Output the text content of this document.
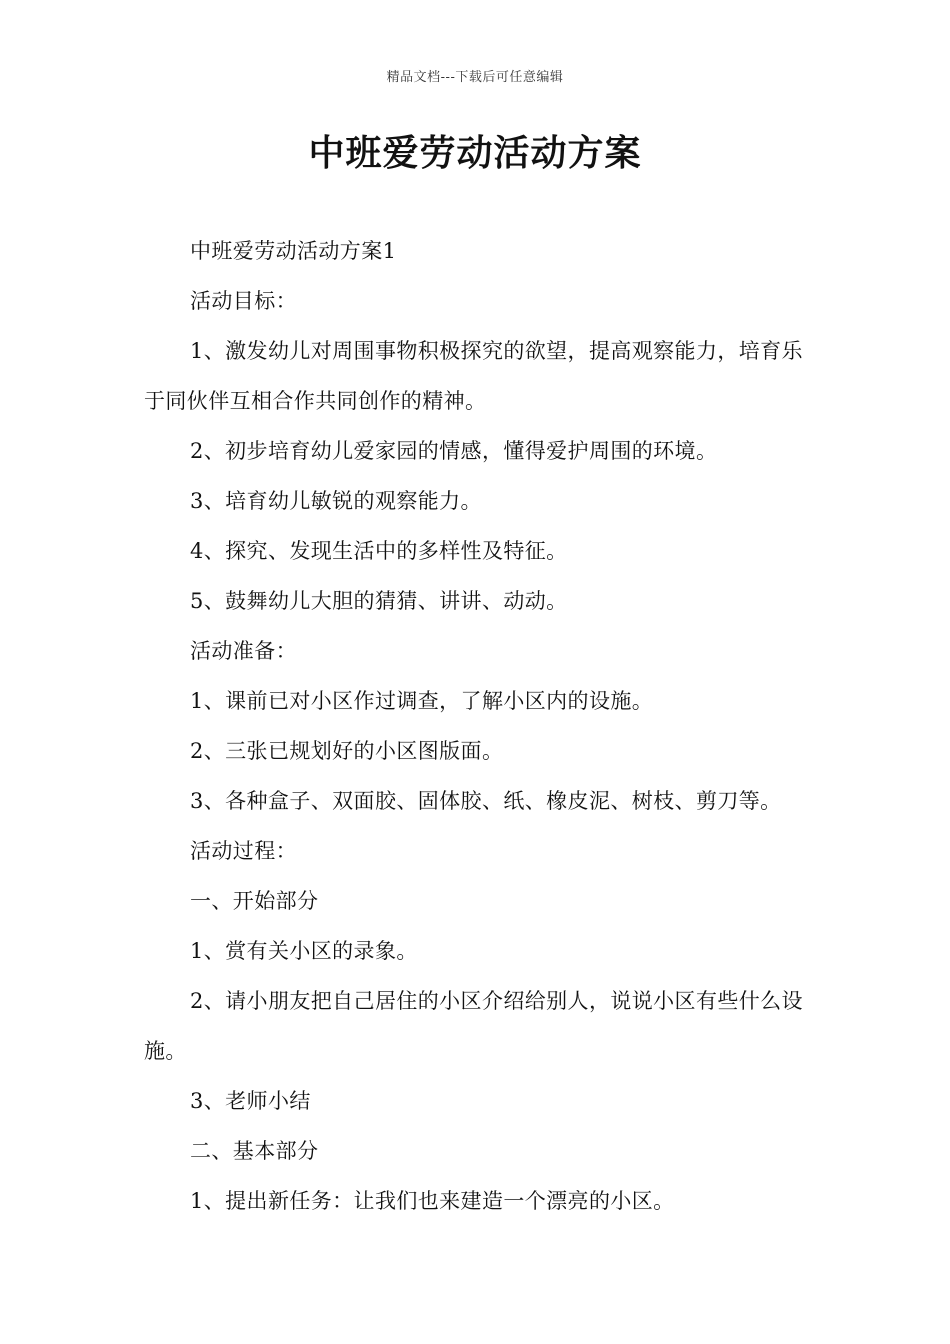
精品文档---下载后可任意编辑
中班爱劳动活动方案

中班爱劳动活动方案1

活动目标：

1、激发幼儿对周围事物积极探究的欲望，提高观察能力，培育乐于同伙伴互相合作共同创作的精神。

2、初步培育幼儿爱家园的情感，懂得爱护周围的环境。

3、培育幼儿敏锐的观察能力。

4、探究、发现生活中的多样性及特征。

5、鼓舞幼儿大胆的猜猜、讲讲、动动。

活动准备：

1、课前已对小区作过调查，了解小区内的设施。

2、三张已规划好的小区图版面。

3、各种盒子、双面胶、固体胶、纸、橡皮泥、树枝、剪刀等。

活动过程：

一、开始部分

1、赏有关小区的录象。

2、请小朋友把自己居住的小区介绍给别人，说说小区有些什么设施。

3、老师小结

二、基本部分

1、提出新任务：让我们也来建造一个漂亮的小区。
